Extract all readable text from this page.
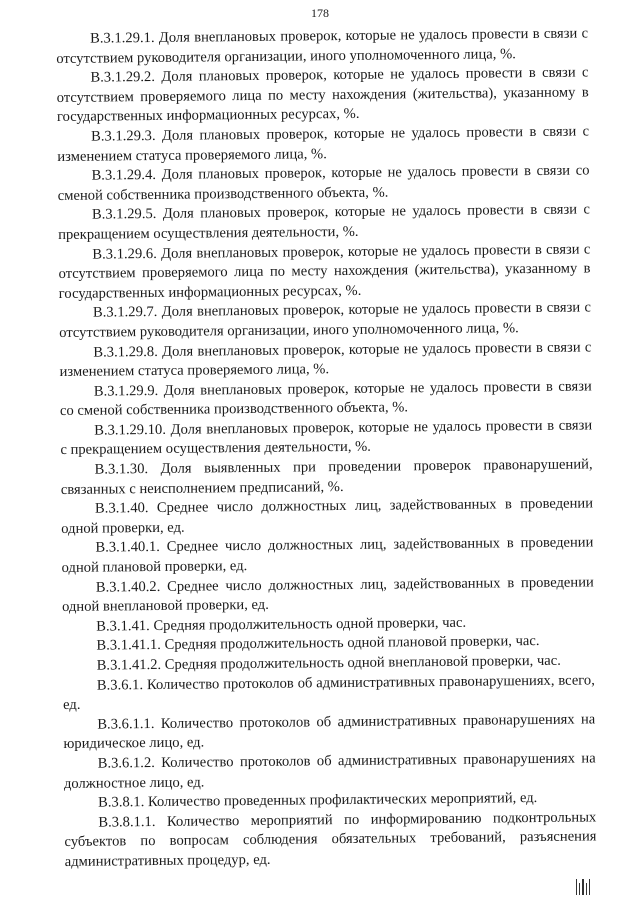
178

В.3.1.29.1. Доля внеплановых проверок, которые не удалось провести в связи с отсутствием руководителя организации, иного уполномоченного лица, %.

В.3.1.29.2. Доля плановых проверок, которые не удалось провести в связи с отсутствием проверяемого лица по месту нахождения (жительства), указанному в государственных информационных ресурсах, %.

В.3.1.29.3. Доля плановых проверок, которые не удалось провести в связи с изменением статуса проверяемого лица, %.

В.3.1.29.4. Доля плановых проверок, которые не удалось провести в связи со сменой собственника производственного объекта, %.

В.3.1.29.5. Доля плановых проверок, которые не удалось провести в связи с прекращением осуществления деятельности, %.

В.3.1.29.6. Доля внеплановых проверок, которые не удалось провести в связи с отсутствием проверяемого лица по месту нахождения (жительства), указанному в государственных информационных ресурсах, %.

В.3.1.29.7. Доля внеплановых проверок, которые не удалось провести в связи с отсутствием руководителя организации, иного уполномоченного лица, %.

В.3.1.29.8. Доля внеплановых проверок, которые не удалось провести в связи с изменением статуса проверяемого лица, %.

В.3.1.29.9. Доля внеплановых проверок, которые не удалось провести в связи со сменой собственника производственного объекта, %.

В.3.1.29.10. Доля внеплановых проверок, которые не удалось провести в связи с прекращением осуществления деятельности, %.

В.3.1.30. Доля выявленных при проведении проверок правонарушений, связанных с неисполнением предписаний, %.

В.3.1.40. Среднее число должностных лиц, задействованных в проведении одной проверки, ед.

В.3.1.40.1. Среднее число должностных лиц, задействованных в проведении одной плановой проверки, ед.

В.3.1.40.2. Среднее число должностных лиц, задействованных в проведении одной внеплановой проверки, ед.

В.3.1.41. Средняя продолжительность одной проверки, час.

В.3.1.41.1. Средняя продолжительность одной плановой проверки, час.

В.3.1.41.2. Средняя продолжительность одной внеплановой проверки, час.

В.3.6.1. Количество протоколов об административных правонарушениях, всего, ед.

В.3.6.1.1. Количество протоколов об административных правонарушениях на юридическое лицо, ед.

В.3.6.1.2. Количество протоколов об административных правонарушениях на должностное лицо, ед.

В.3.8.1. Количество проведенных профилактических мероприятий, ед.

В.3.8.1.1. Количество мероприятий по информированию подконтрольных субъектов по вопросам соблюдения обязательных требований, разъяснения административных процедур, ед.
